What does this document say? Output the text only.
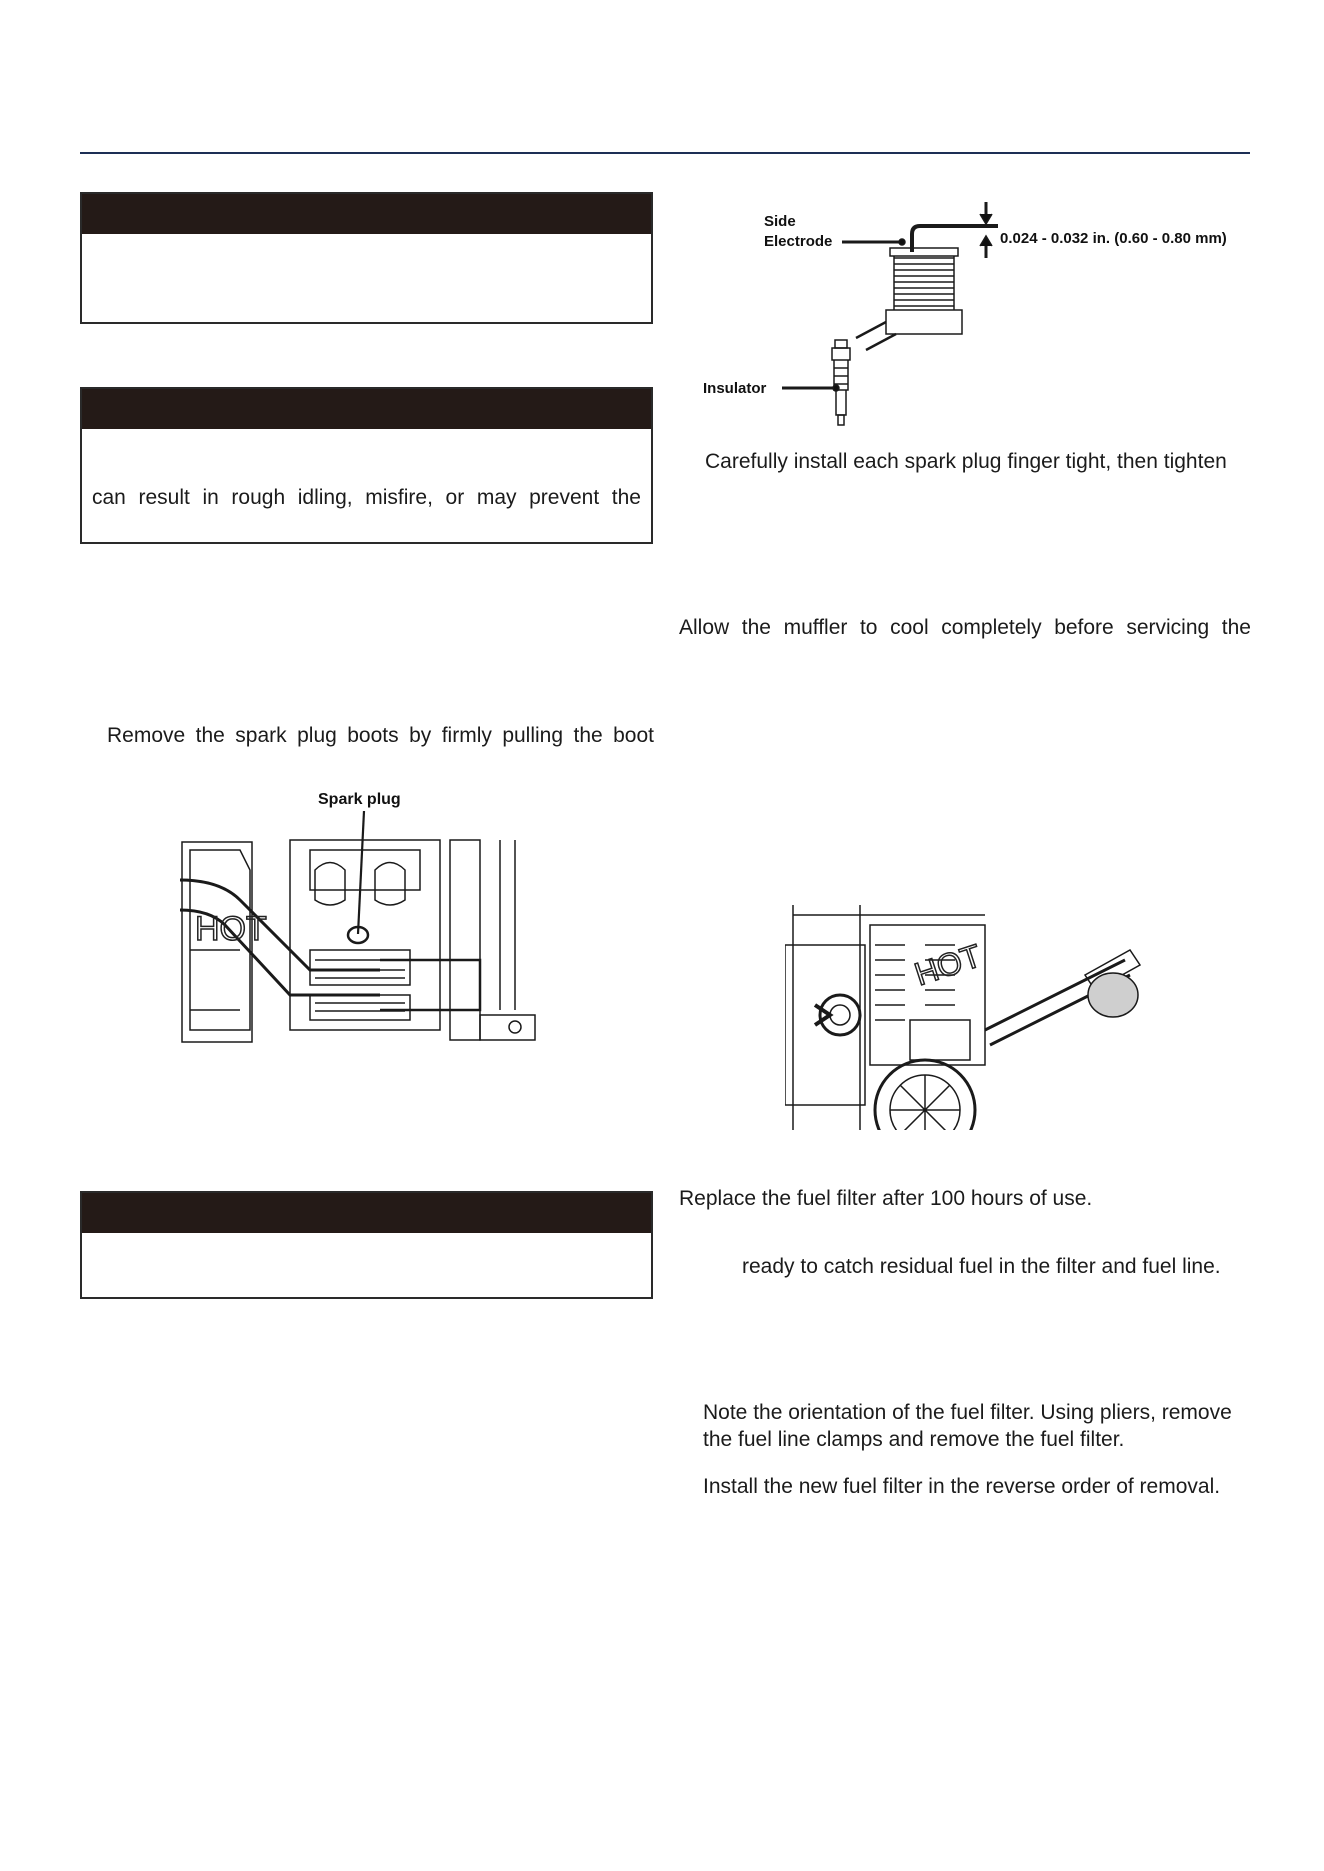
can result in rough idling, misfire, or may prevent the
Remove the spark plug boots by firmly pulling the boot
Spark plug
HOT
Side
Electrode	0.024 - 0.032 in. (0.60 - 0.80 mm)
Insulator
Carefully install each spark plug finger tight, then tighten
Allow the muffler to cool completely before servicing the
HOT
Replace the fuel filter after 100 hours of use.
ready to catch residual fuel in the filter and fuel line.
Note the orientation of the fuel filter. Using pliers, remove
the fuel line clamps and remove the fuel filter.
Install the new fuel filter in the reverse order of removal.
